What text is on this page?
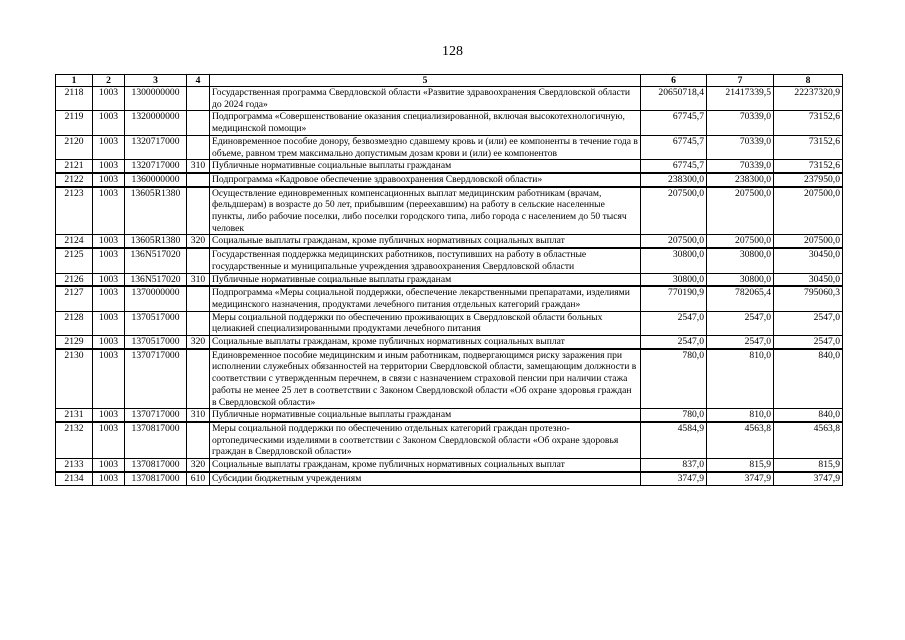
128
1	2	3	4	5	6	7	8
2118	1003	1300000000		Государственная программа Свердловской области «Развитие здравоохранения Свердловской области до 2024 года»	20650718,4	21417339,5	22237320,9
2119	1003	1320000000		Подпрограмма «Совершенствование оказания специализированной, включая высокотехнологичную, медицинской помощи»	67745,7	70339,0	73152,6
2120	1003	1320717000		Единовременное пособие донору, безвозмездно сдавшему кровь и (или) ее компоненты в течение года в объеме, равном трем максимально допустимым дозам крови и (или) ее компонентов	67745,7	70339,0	73152,6
2121	1003	1320717000	310	Публичные нормативные социальные выплаты гражданам	67745,7	70339,0	73152,6
2122	1003	1360000000		Подпрограмма «Кадровое обеспечение здравоохранения Свердловской области»	238300,0	238300,0	237950,0
2123	1003	13605R1380		Осуществление единовременных компенсационных выплат медицинским работникам (врачам, фельдшерам) в возрасте до 50 лет, прибывшим (переехавшим) на работу в сельские населенные пункты, либо рабочие поселки, либо поселки городского типа, либо города с населением до 50 тысяч человек	207500,0	207500,0	207500,0
2124	1003	13605R1380	320	Социальные выплаты гражданам, кроме публичных нормативных социальных выплат	207500,0	207500,0	207500,0
2125	1003	136N517020		Государственная поддержка медицинских работников, поступивших на работу в областные государственные и муниципальные учреждения здравоохранения Свердловской области	30800,0	30800,0	30450,0
2126	1003	136N517020	310	Публичные нормативные социальные выплаты гражданам	30800,0	30800,0	30450,0
2127	1003	1370000000		Подпрограмма «Меры социальной поддержки, обеспечение лекарственными препаратами, изделиями медицинского назначения, продуктами лечебного питания отдельных категорий граждан»	770190,9	782065,4	795060,3
2128	1003	1370517000		Меры социальной поддержки по обеспечению проживающих в Свердловской области больных целиакией специализированными продуктами лечебного питания	2547,0	2547,0	2547,0
2129	1003	1370517000	320	Социальные выплаты гражданам, кроме публичных нормативных социальных выплат	2547,0	2547,0	2547,0
2130	1003	1370717000		Единовременное пособие медицинским и иным работникам, подвергающимся риску заражения при исполнении служебных обязанностей на территории Свердловской области, замещающим должности в соответствии с утвержденным перечнем, в связи с назначением страховой пенсии при наличии стажа работы не менее 25 лет в соответствии с Законом Свердловской области «Об охране здоровья граждан в Свердловской области»	780,0	810,0	840,0
2131	1003	1370717000	310	Публичные нормативные социальные выплаты гражданам	780,0	810,0	840,0
2132	1003	1370817000		Меры социальной поддержки по обеспечению отдельных категорий граждан протезно-ортопедическими изделиями в соответствии с Законом Свердловской области «Об охране здоровья граждан в Свердловской области»	4584,9	4563,8	4563,8
2133	1003	1370817000	320	Социальные выплаты гражданам, кроме публичных нормативных социальных выплат	837,0	815,9	815,9
2134	1003	1370817000	610	Субсидии бюджетным учреждениям	3747,9	3747,9	3747,9
